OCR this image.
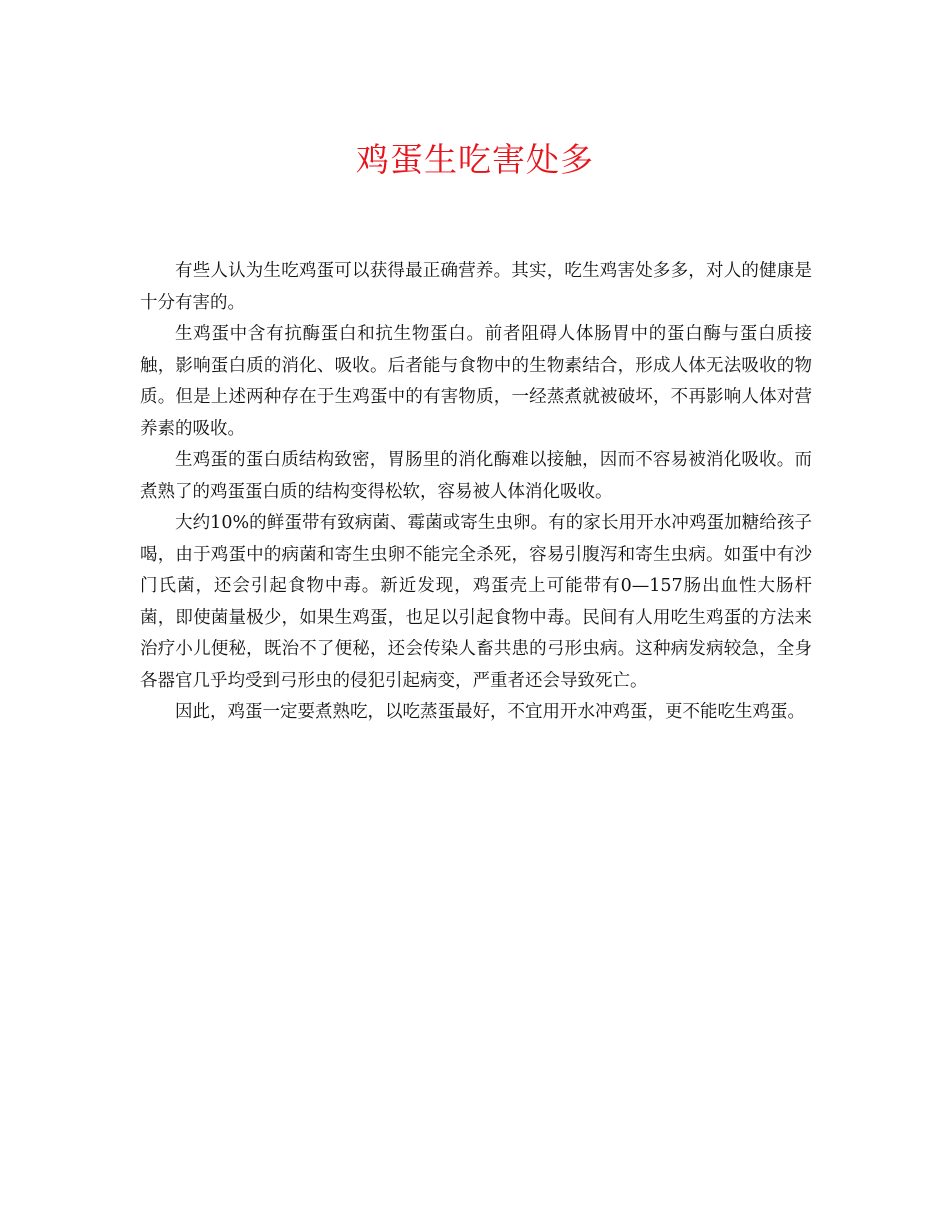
鸡蛋生吃害处多

有些人认为生吃鸡蛋可以获得最正确营养。其实，吃生鸡害处多多，对人的健康是十分有害的。

生鸡蛋中含有抗酶蛋白和抗生物蛋白。前者阻碍人体肠胃中的蛋白酶与蛋白质接触，影响蛋白质的消化、吸收。后者能与食物中的生物素结合，形成人体无法吸收的物质。但是上述两种存在于生鸡蛋中的有害物质，一经蒸煮就被破坏，不再影响人体对营养素的吸收。

生鸡蛋的蛋白质结构致密，胃肠里的消化酶难以接触，因而不容易被消化吸收。而煮熟了的鸡蛋蛋白质的结构变得松软，容易被人体消化吸收。

大约10%的鲜蛋带有致病菌、霉菌或寄生虫卵。有的家长用开水冲鸡蛋加糖给孩子喝，由于鸡蛋中的病菌和寄生虫卵不能完全杀死，容易引腹泻和寄生虫病。如蛋中有沙门氏菌，还会引起食物中毒。新近发现，鸡蛋壳上可能带有0—157肠出血性大肠杆菌，即使菌量极少，如果生鸡蛋，也足以引起食物中毒。民间有人用吃生鸡蛋的方法来治疗小儿便秘，既治不了便秘，还会传染人畜共患的弓形虫病。这种病发病较急，全身各器官几乎均受到弓形虫的侵犯引起病变，严重者还会导致死亡。

因此，鸡蛋一定要煮熟吃，以吃蒸蛋最好，不宜用开水冲鸡蛋，更不能吃生鸡蛋。
